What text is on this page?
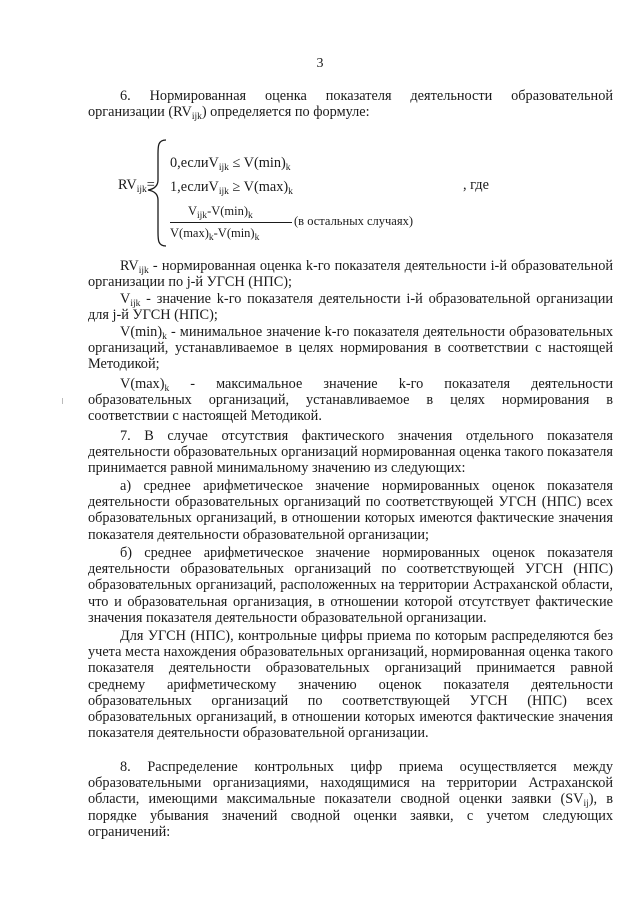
3
6. Нормированная оценка показателя деятельности образовательной организации $(RV_{ijk})$ определяется по формуле:
$RV_{ijk}=$
0,еслиV$_{ijk}$ ≤ $V(\min)_k$
1,еслиV$_{ijk}$ ≥ $V(\max)_k$
$V_{ijk}-V(\min)_k$
$V(\max)_k-V(\min)_k$
(в остальных случаях)
, где
$RV_{ijk}$ - нормированная оценка k-го показателя деятельности i-й образовательной организации по j-й УГСН (НПС);
$V_{ijk}$ - значение k-го показателя деятельности i-й образовательной организации для j-й УГСН (НПС);
$V(\min)_k$ - минимальное значение k-го показателя деятельности образовательных организаций, устанавливаемое в целях нормирования в соответствии с настоящей Методикой;
$V(\max)_k$ - максимальное значение k-го показателя деятельности образовательных организаций, устанавливаемое в целях нормирования в соответствии с настоящей Методикой.
7. В случае отсутствия фактического значения отдельного показателя деятельности образовательных организаций нормированная оценка такого показателя принимается равной минимальному значению из следующих:
а) среднее арифметическое значение нормированных оценок показателя деятельности образовательных организаций по соответствующей УГСН (НПС) всех образовательных организаций, в отношении которых имеются фактические значения показателя деятельности образовательной организации;
б) среднее арифметическое значение нормированных оценок показателя деятельности образовательных организаций по соответствующей УГСН (НПС) образовательных организаций, расположенных на территории Астраханской области, что и образовательная организация, в отношении которой отсутствует фактические значения показателя деятельности образовательной организации.
Для УГСН (НПС), контрольные цифры приема по которым распределяются без учета места нахождения образовательных организаций, нормированная оценка такого показателя деятельности образовательных организаций принимается равной среднему арифметическому значению оценок показателя деятельности образовательных организаций по соответствующей УГСН (НПС) всех образовательных организаций, в отношении которых имеются фактические значения показателя деятельности образовательной организации.
8. Распределение контрольных цифр приема осуществляется между образовательными организациями, находящимися на территории Астраханской области, имеющими максимальные показатели сводной оценки заявки $(SV_{ij})$, в порядке убывания значений сводной оценки заявки, с учетом следующих ограничений:
